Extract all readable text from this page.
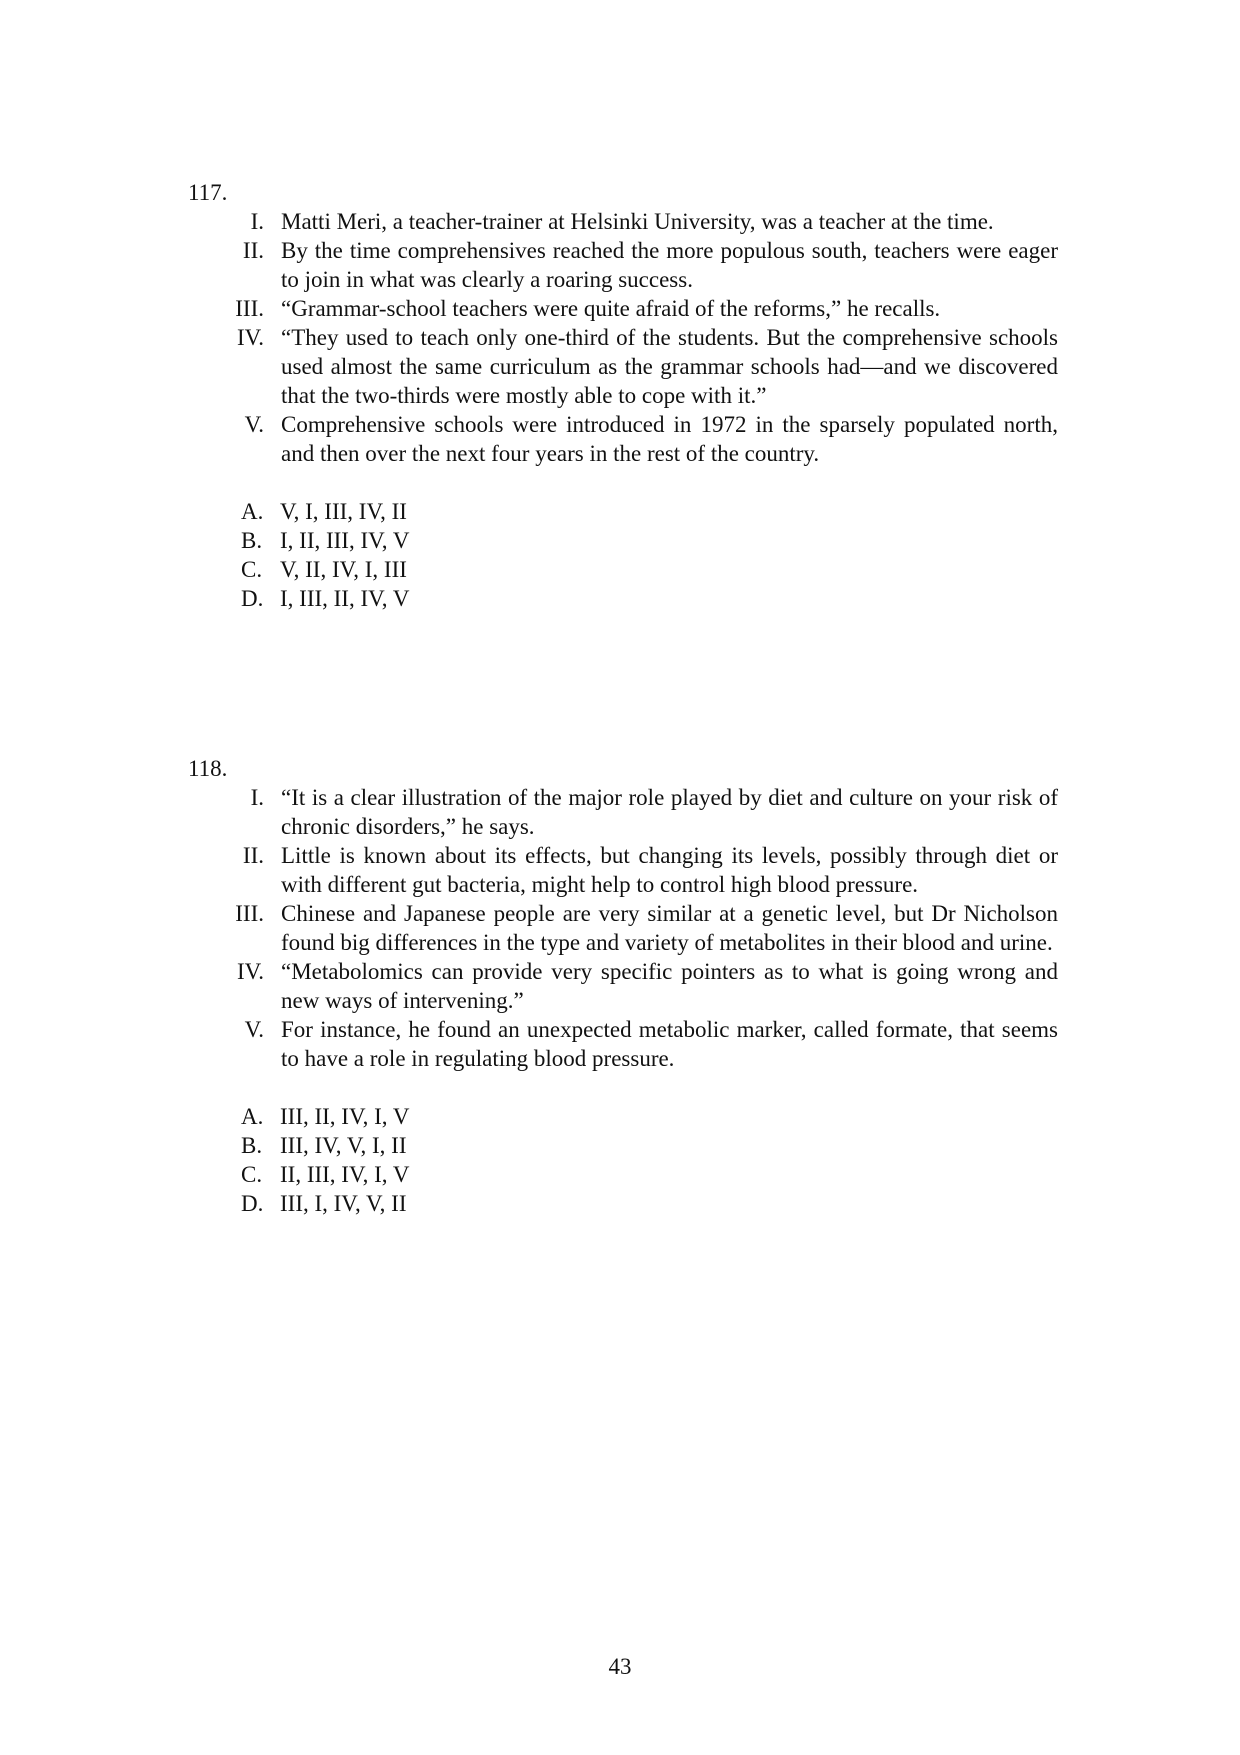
117.
I. Matti Meri, a teacher-trainer at Helsinki University, was a teacher at the time.
II. By the time comprehensives reached the more populous south, teachers were eager to join in what was clearly a roaring success.
III. “Grammar-school teachers were quite afraid of the reforms,” he recalls.
IV. “They used to teach only one-third of the students. But the comprehensive schools used almost the same curriculum as the grammar schools had—and we discovered that the two-thirds were mostly able to cope with it.”
V. Comprehensive schools were introduced in 1972 in the sparsely populated north, and then over the next four years in the rest of the country.
A. V, I, III, IV, II
B. I, II, III, IV, V
C. V, II, IV, I, III
D. I, III, II, IV, V
118.
I. “It is a clear illustration of the major role played by diet and culture on your risk of chronic disorders,” he says.
II. Little is known about its effects, but changing its levels, possibly through diet or with different gut bacteria, might help to control high blood pressure.
III. Chinese and Japanese people are very similar at a genetic level, but Dr Nicholson found big differences in the type and variety of metabolites in their blood and urine.
IV. “Metabolomics can provide very specific pointers as to what is going wrong and new ways of intervening.”
V. For instance, he found an unexpected metabolic marker, called formate, that seems to have a role in regulating blood pressure.
A. III, II, IV, I, V
B. III, IV, V, I, II
C. II, III, IV, I, V
D. III, I, IV, V, II
43
